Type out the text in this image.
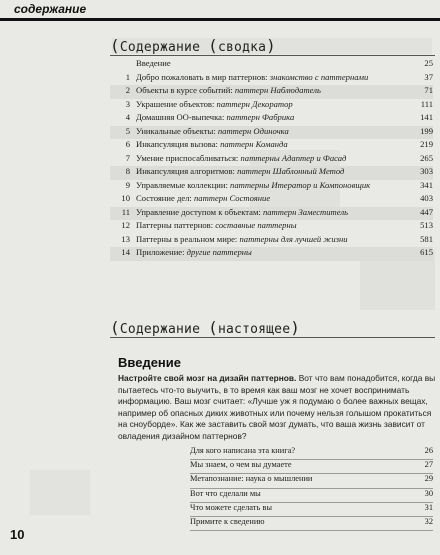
содержание
(Содержание (сводка)
Введение	25
1 Добро пожаловать в мир паттернов: знакомство с паттернами	37
2 Объекты в курсе событий: паттерн Наблюдатель	71
3 Украшение объектов: паттерн Декоратор	111
4 Домашняя ОО-выпечка: паттерн Фабрика	141
5 Уникальные объекты: паттерн Одиночка	199
6 Инкапсуляция вызова: паттерн Команда	219
7 Умение приспосабливаться: паттерны Адаптер и Фасад	265
8 Инкапсуляция алгоритмов: паттерн Шаблонный Метод	303
9 Управляемые коллекции: паттерны Итератор и Компоновщик	341
10 Состояние дел: паттерн Состояние	403
11 Управление доступом к объектам: паттерн Заместитель	447
12 Паттерны паттернов: составные паттерны	513
13 Паттерны в реальном мире: паттерны для лучшей жизни	581
14 Приложение: другие паттерны	615
(Содержание (настоящее)
Введение
Настройте свой мозг на дизайн паттернов. Вот что вам понадобится, когда вы пытаетесь что-то выучить, в то время как ваш мозг не хочет воспринимать информацию. Ваш мозг считает: «Лучше уж я подумаю о более важных вещах, например об опасных диких животных или почему нельзя голышом прокатиться на сноуборде». Как же заставить свой мозг думать, что ваша жизнь зависит от овладения дизайном паттернов?
Для кого написана эта книга?	26
Мы знаем, о чем вы думаете	27
Метапознание: наука о мышлении	29
Вот что сделали мы	30
Что можете сделать вы	31
Примите к сведению	32
10
